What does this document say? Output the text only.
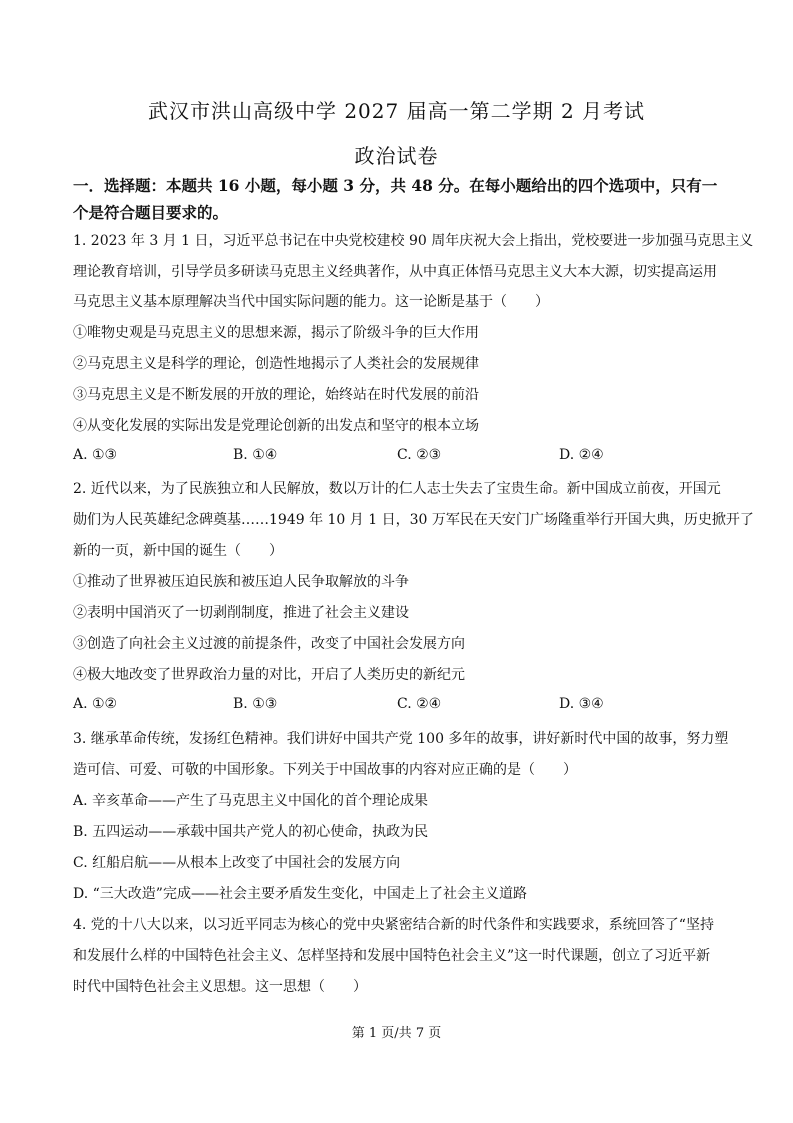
武汉市洪山高级中学 2027 届高一第二学期 2 月考试
政治试卷
一．选择题：本题共 16 小题，每小题 3 分，共 48 分。在每小题给出的四个选项中，只有一
个是符合题目要求的。
1. 2023 年 3 月 1 日，习近平总书记在中央党校建校 90 周年庆祝大会上指出，党校要进一步加强马克思主义
理论教育培训，引导学员多研读马克思主义经典著作，从中真正体悟马克思主义大本大源，切实提高运用
马克思主义基本原理解决当代中国实际问题的能力。这一论断是基于（　　）
①唯物史观是马克思主义的思想来源，揭示了阶级斗争的巨大作用
②马克思主义是科学的理论，创造性地揭示了人类社会的发展规律
③马克思主义是不断发展的开放的理论，始终站在时代发展的前沿
④从变化发展的实际出发是党理论创新的出发点和坚守的根本立场
A. ①③	B. ①④	C. ②③	D. ②④
2. 近代以来，为了民族独立和人民解放，数以万计的仁人志士失去了宝贵生命。新中国成立前夜，开国元
勋们为人民英雄纪念碑奠基……1949 年 10 月 1 日，30 万军民在天安门广场隆重举行开国大典，历史掀开了
新的一页，新中国的诞生（　　）
①推动了世界被压迫民族和被压迫人民争取解放的斗争
②表明中国消灭了一切剥削制度，推进了社会主义建设
③创造了向社会主义过渡的前提条件，改变了中国社会发展方向
④极大地改变了世界政治力量的对比，开启了人类历史的新纪元
A. ①②	B. ①③	C. ②④	D. ③④
3. 继承革命传统，发扬红色精神。我们讲好中国共产党 100 多年的故事，讲好新时代中国的故事，努力塑
造可信、可爱、可敬的中国形象。下列关于中国故事的内容对应正确的是（　　）
A. 辛亥革命——产生了马克思主义中国化的首个理论成果
B. 五四运动——承载中国共产党人的初心使命，执政为民
C. 红船启航——从根本上改变了中国社会的发展方向
D. “三大改造”完成——社会主要矛盾发生变化，中国走上了社会主义道路
4. 党的十八大以来，以习近平同志为核心的党中央紧密结合新的时代条件和实践要求，系统回答了“坚持
和发展什么样的中国特色社会主义、怎样坚持和发展中国特色社会主义”这一时代课题，创立了习近平新
时代中国特色社会主义思想。这一思想（　　）
第 1 页/共 7 页
